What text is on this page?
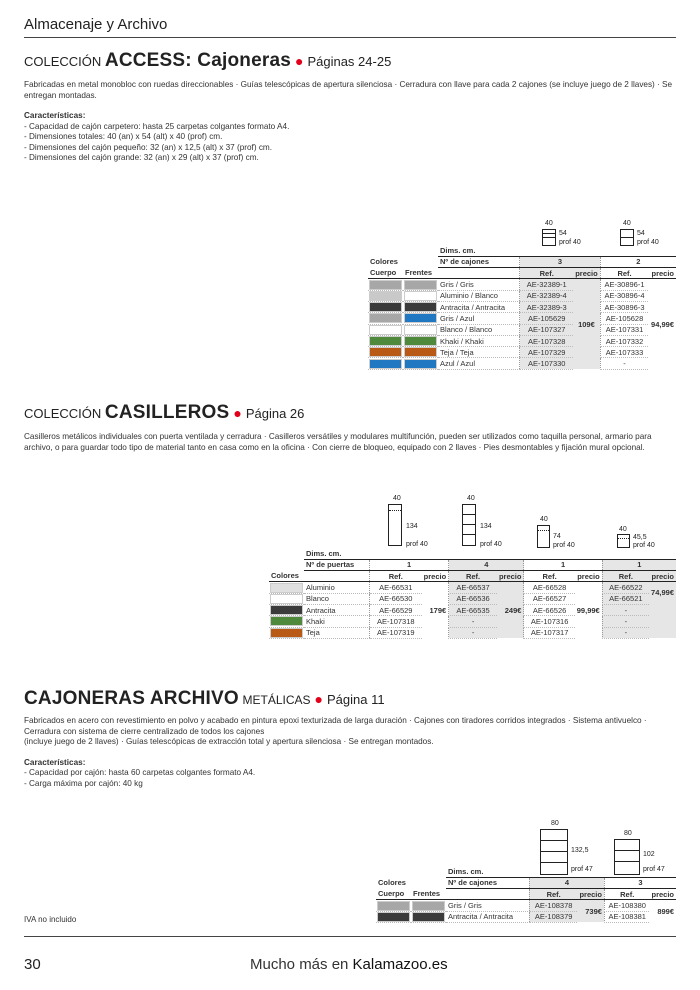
Almacenaje y Archivo
COLECCIÓN ACCESS: Cajoneras ● Páginas 24-25
Fabricadas en metal monobloc con ruedas direccionables · Guías telescópicas de apertura silenciosa · Cerradura con llave para cada 2 cajones (se incluye juego de 2 llaves) · Se entregan montadas.
Características:
- Capacidad de cajón carpetero: hasta 25 carpetas colgantes formato A4.
- Dimensiones totales: 40 (an) x 54 (alt) x 40 (prof) cm.
- Dimensiones del cajón pequeño: 32 (an) x 12,5 (alt) x 37 (prof) cm.
- Dimensiones del cajón grande: 32 (an) x 29 (alt) x 37 (prof) cm.
40
54
prof 40
40
54
prof 40
		Dims. cm.				
Colores		Nº de cajones	3		2	
Cuerpo	Frentes		Ref.	precio	Ref.	precio

	Gris / Gris	AE-32389-1	109€	AE-30896-1	94,99€

	Aluminio / Blanco	AE-32389-4		AE-30896-4	

	Antracita / Antracita	AE-32389-3		AE-30896-3	

	Gris / Azul	AE-105629		AE-105628	

	Blanco / Blanco	AE-107327		AE-107331	

	Khaki / Khaki	AE-107328		AE-107332	

	Teja / Teja	AE-107329		AE-107333	

	Azul / Azul	AE-107330		-	
COLECCIÓN CASILLEROS ● Página 26
Casilleros metálicos individuales con puerta ventilada y cerradura · Casilleros versátiles y modulares multifunción, pueden ser utilizados como taquilla personal, armario para archivo, o para guardar todo tipo de material tanto en casa como en la oficina · Con cierre de bloqueo, equipado con 2 llaves · Pies desmontables y fijación mural opcional.
40
134
prof 40
40
134
prof 40
40
74
prof 40
40
45,5
prof 40
	Dims. cm.								
	Nº de puertas	1		4		1		1	
Colores		Ref.	precio	Ref.	precio	Ref.	precio	Ref.	precio

	Aluminio	AE-66531	179€	AE-66537	249€	AE-66528	99,99€	AE-66522	74,99€

	Blanco	AE-66530		AE-66536		AE-66527		AE-66521	

	Antracita	AE-66529		AE-66535		AE-66526		-	

	Khaki	AE-107318		-		AE-107316		-	

	Teja	AE-107319		-		AE-107317		-	
CAJONERAS ARCHIVO METÁLICAS ● Página 11
Fabricados en acero con revestimiento en polvo y acabado en pintura epoxi texturizada de larga duración · Cajones con tiradores corridos integrados · Sistema antivuelco · Cerradura con sistema de cierre centralizado de todos los cajones
(incluye juego de 2 llaves) · Guías telescópicas de extracción total y apertura silenciosa · Se entregan montados.
Características:
- Capacidad por cajón: hasta 60 carpetas colgantes formato A4.
- Carga máxima por cajón: 40 kg
80
132,5
prof 47
80
102
prof 47
		Dims. cm.				
Colores		Nº de cajones	4		3	
Cuerpo	Frentes		Ref.	precio	Ref.	precio

	Gris / Gris	AE-108378	739€	AE-108380	899€

	Antracita / Antracita	AE-108379		AE-108381	
IVA no incluido
30	Mucho más en Kalamazoo.es
